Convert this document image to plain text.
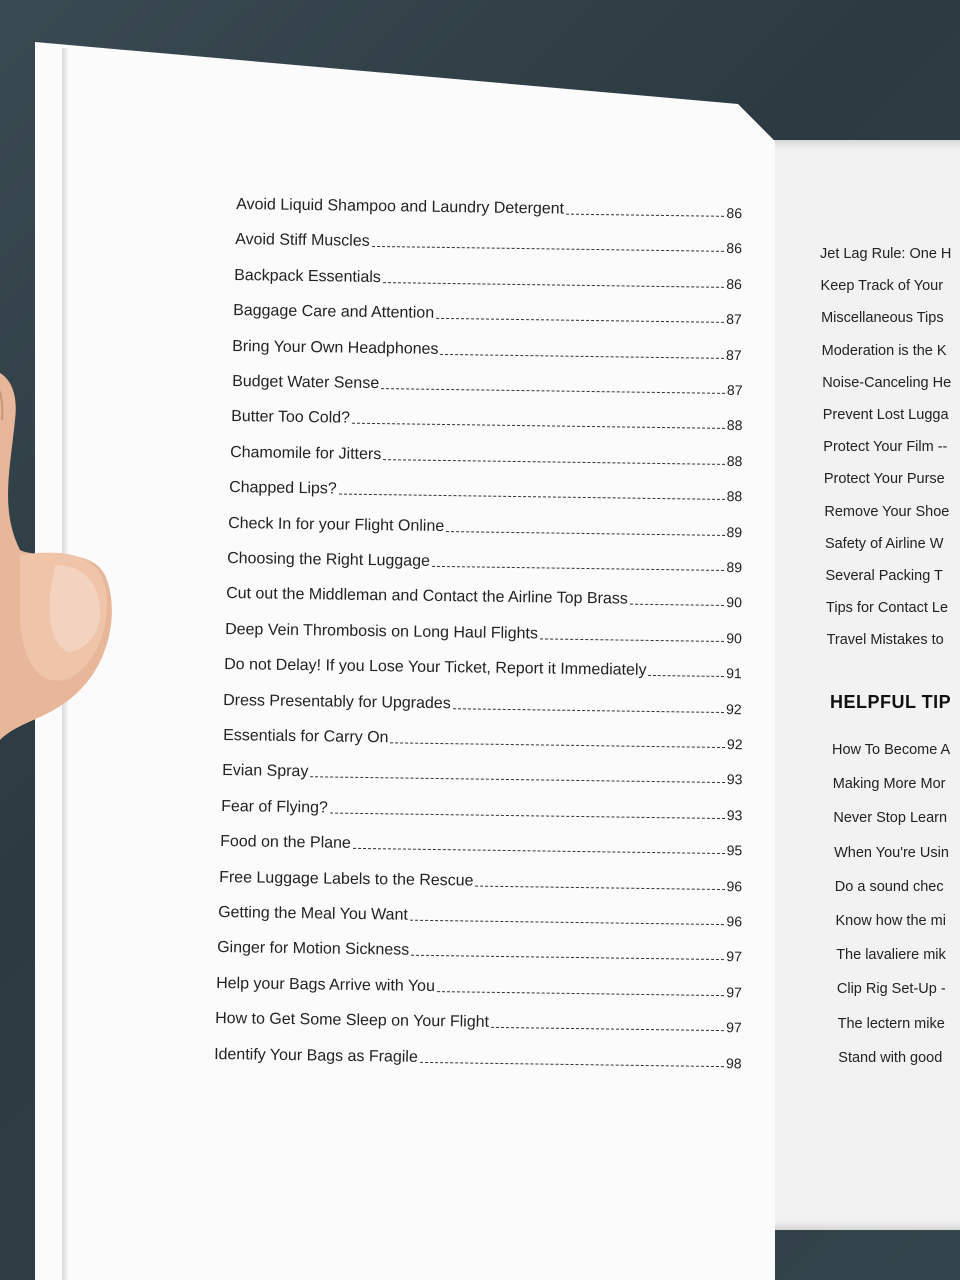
Jet Lag Rule: One H
Keep Track of Your
Miscellaneous Tips
Moderation is the K
Noise-Canceling He
Prevent Lost Lugga
Protect Your Film --
Protect Your Purse
Remove Your Shoe
Safety of Airline W
Several Packing T
Tips for Contact Le
Travel Mistakes to
HELPFUL TIP
How To Become A
Making More Mor
Never Stop Learn
When You're Usin
Do a sound chec
Know how the mi
The lavaliere mik
Clip Rig Set-Up -
The lectern mike
Stand with good
Avoid Liquid Shampoo and Laundry Detergent	86
Avoid Stiff Muscles	86
Backpack Essentials	86
Baggage Care and Attention	87
Bring Your Own Headphones	87
Budget Water Sense	87
Butter Too Cold?	88
Chamomile for Jitters	88
Chapped Lips?	88
Check In for your Flight Online	89
Choosing the Right Luggage	89
Cut out the Middleman and Contact the Airline Top Brass	90
Deep Vein Thrombosis on Long Haul Flights	90
Do not Delay! If you Lose Your Ticket, Report it Immediately	91
Dress Presentably for Upgrades	92
Essentials for Carry On	92
Evian Spray	93
Fear of Flying?	93
Food on the Plane	95
Free Luggage Labels to the Rescue	96
Getting the Meal You Want	96
Ginger for Motion Sickness	97
Help your Bags Arrive with You	97
How to Get Some Sleep on Your Flight	97
Identify Your Bags as Fragile	98
